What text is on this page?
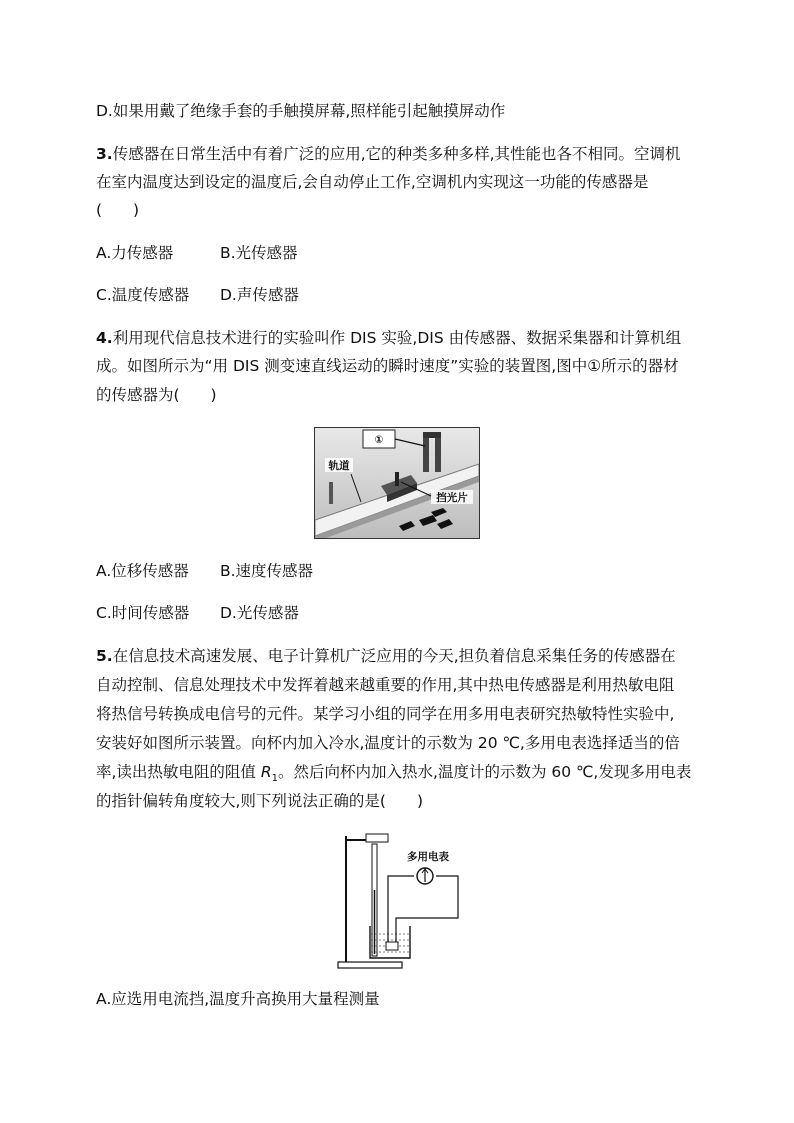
D.如果用戴了绝缘手套的手触摸屏幕,照样能引起触摸屏动作
3.传感器在日常生活中有着广泛的应用,它的种类多种多样,其性能也各不相同。空调机
在室内温度达到设定的温度后,会自动停止工作,空调机内实现这一功能的传感器是
(　　)
A.力传感器	B.光传感器
C.温度传感器 D.声传感器
4.利用现代信息技术进行的实验叫作 DIS 实验,DIS 由传感器、数据采集器和计算机组
成。如图所示为“用 DIS 测变速直线运动的瞬时速度”实验的装置图,图中①所示的器材
的传感器为(　　)
①
轨道
挡光片
A.位移传感器 B.速度传感器
C.时间传感器 D.光传感器
5.在信息技术高速发展、电子计算机广泛应用的今天,担负着信息采集任务的传感器在
自动控制、信息处理技术中发挥着越来越重要的作用,其中热电传感器是利用热敏电阻
将热信号转换成电信号的元件。某学习小组的同学在用多用电表研究热敏特性实验中,
安装好如图所示装置。向杯内加入冷水,温度计的示数为 20 ℃,多用电表选择适当的倍
率,读出热敏电阻的阻值 $R_1$。然后向杯内加入热水,温度计的示数为 60 ℃,发现多用电表
的指针偏转角度较大,则下列说法正确的是(　　)
多用电表
A.应选用电流挡,温度升高换用大量程测量
